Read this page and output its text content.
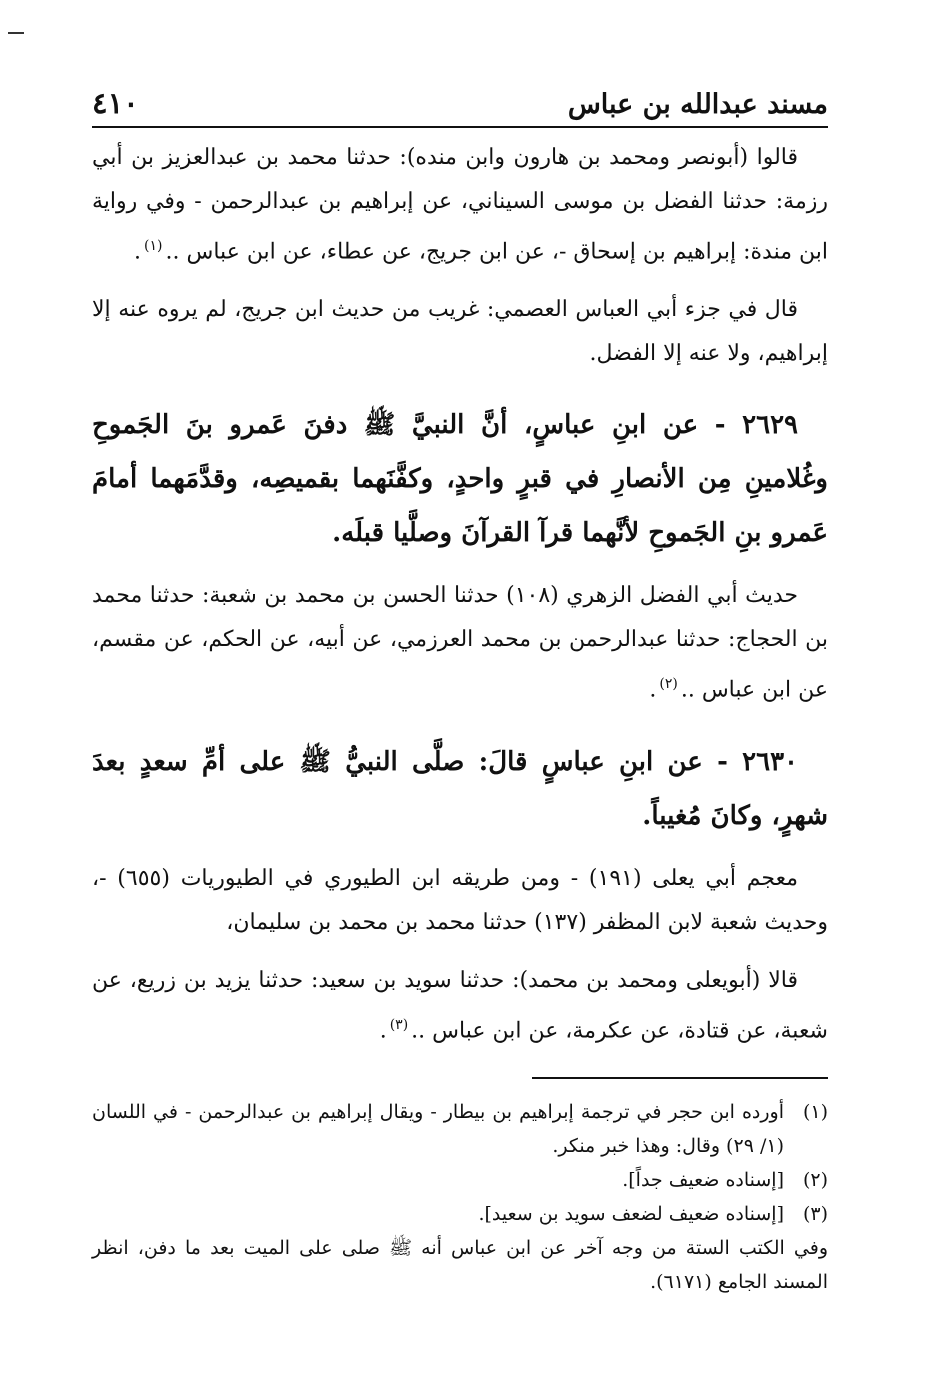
مسند عبدالله بن عباس
٤١٠

قالوا (أبونصر ومحمد بن هارون وابن منده): حدثنا محمد بن عبدالعزيز بن أبي رزمة: حدثنا الفضل بن موسى السيناني، عن إبراهيم بن عبدالرحمن - وفي رواية ابن مندة: إبراهيم بن إسحاق -، عن ابن جريج، عن عطاء، عن ابن عباس ..$^{(١)}$.

قال في جزء أبي العباس العصمي: غريب من حديث ابن جريج، لم يروه عنه إلا إبراهيم، ولا عنه إلا الفضل.

٢٦٢٩ - عن ابنِ عباسٍ، أنَّ النبيَّ ﷺ دفنَ عَمرو بنَ الجَموحِ وغُلامينِ مِن الأنصارِ في قبرٍ واحدٍ، وكفَّنَهما بقميصِه، وقدَّمَهما أمامَ عَمرو بنِ الجَموحِ لأنَّهما قرآ القرآنَ وصلَّيا قبلَه.

حديث أبي الفضل الزهري (١٠٨) حدثنا الحسن بن محمد بن شعبة: حدثنا محمد بن الحجاج: حدثنا عبدالرحمن بن محمد العرزمي، عن أبيه، عن الحكم، عن مقسم، عن ابن عباس ..$^{(٢)}$.

٢٦٣٠ - عن ابنِ عباسٍ قالَ: صلَّى النبيُّ ﷺ على أمِّ سعدٍ بعدَ شهرٍ، وكانَ مُغيباً.

معجم أبي يعلى (١٩١) - ومن طريقه ابن الطيوري في الطيوريات (٦٥٥) -، وحديث شعبة لابن المظفر (١٣٧) حدثنا محمد بن محمد بن سليمان،

قالا (أبويعلى ومحمد بن محمد): حدثنا سويد بن سعيد: حدثنا يزيد بن زريع، عن شعبة، عن قتادة، عن عكرمة، عن ابن عباس ..$^{(٣)}$.

(١)
أورده ابن حجر في ترجمة إبراهيم بن بيطار - ويقال إبراهيم بن عبدالرحمن - في اللسان (١/ ٢٩) وقال: وهذا خبر منكر.
(٢)
[إسناده ضعيف جداً].
(٣)
[إسناده ضعيف لضعف سويد بن سعيد].
وفي الكتب الستة من وجه آخر عن ابن عباس أنه ﷺ صلى على الميت بعد ما دفن، انظر المسند الجامع (٦١٧١).
